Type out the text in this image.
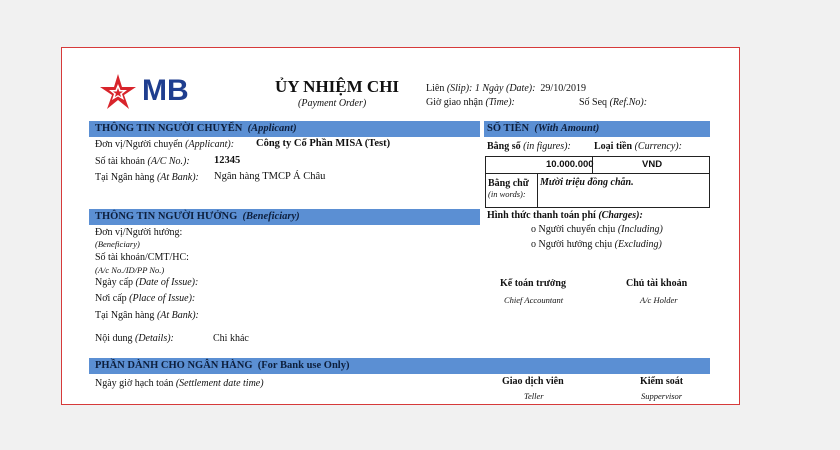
MB	ỦY NHIỆM CHI
(Payment Order)
Liên (Slip): 1 Ngày (Date): 29/10/2019
Giờ giao nhận (Time):	Số Seq (Ref.No):
THÔNG TIN NGƯỜI CHUYỂN (Applicant)	SỐ TIỀN (With Amount)
Đơn vị/Người chuyển (Applicant): Công ty Cổ Phần MISA (Test)
Số tài khoản (A/C No.): 12345
Tại Ngân hàng (At Bank): Ngân hàng TMCP Á Châu
Bằng số (in figures): Loại tiền (Currency):
10.000.000	VND
Bằng chữ
(in words):
Mười triệu đồng chẵn.
THÔNG TIN NGƯỜI HƯỞNG (Beneficiary)	Hình thức thanh toán phí (Charges):
o Người chuyển chịu (Including)
o Người hưởng chịu (Excluding)
Đơn vị/Người hưởng:
(Beneficiary)
Số tài khoản/CMT/HC:
(A/c No./ID/PP No.)
Ngày cấp (Date of Issue):
Nơi cấp (Place of Issue):
Tại Ngân hàng (At Bank):
Nội dung (Details):	Chi khác
Kế toán trưởng
Chief Accountant
Chủ tài khoản
A/c Holder
PHẦN DÀNH CHO NGÂN HÀNG (For Bank use Only)
Ngày giờ hạch toán (Settlement date time)	Giao dịch viên
Teller
Kiểm soát
Suppervisor
